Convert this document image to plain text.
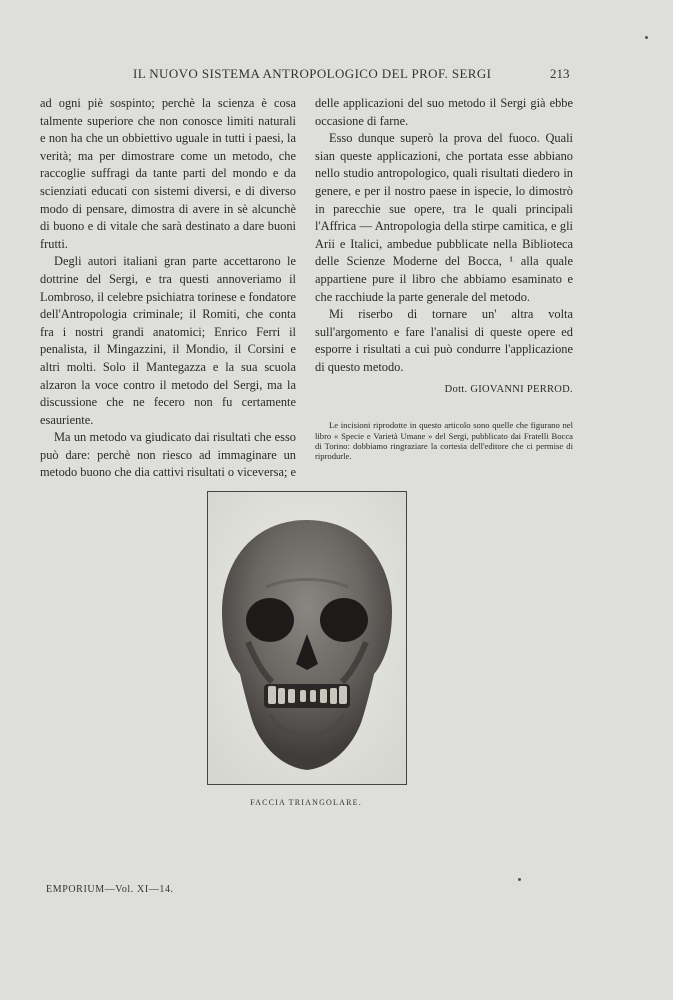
IL NUOVO SISTEMA ANTROPOLOGICO DEL PROF. SERGI	213

ad ogni piè sospinto; perchè la scienza è cosa talmente superiore che non conosce limiti naturali e non ha che un obbiettivo uguale in tutti i paesi, la verità; ma per dimostrare come un metodo, che raccoglie suffragi da tante parti del mondo e da scienziati educati con sistemi diversi, e di diverso modo di pensare, dimostra di avere in sè alcunchè di buono e di vitale che sarà destinato a dare buoni frutti.

Degli autori italiani gran parte accettarono le dottrine del Sergi, e tra questi annoveriamo il Lombroso, il celebre psichiatra torinese e fondatore dell'Antropologia criminale; il Romiti, che conta fra i nostri grandi anatomici; Enrico Ferri il penalista, il Mingazzini, il Mondio, il Corsini e altri molti. Solo il Mantegazza e la sua scuola alzaron la voce contro il metodo del Sergi, ma la discussione che ne fecero non fu certamente esauriente.

Ma un metodo va giudicato dai risultati che esso può dare: perchè non riesco ad immaginare un metodo buono che dia cattivi risultati o viceversa; e

delle applicazioni del suo metodo il Sergi già ebbe occasione di farne.

Esso dunque superò la prova del fuoco. Quali sian queste applicazioni, che portata esse abbiano nello studio antropologico, quali risultati diedero in genere, e per il nostro paese in ispecie, lo dimostrò in parecchie sue opere, tra le quali principali l'Affrica — Antropologia della stirpe camitica, e gli Arii e Italici, ambedue pubblicate nella Biblioteca delle Scienze Moderne del Bocca, ¹ alla quale appartiene pure il libro che abbiamo esaminato e che racchiude la parte generale del metodo.

Mi riserbo di tornare un' altra volta sull'argomento e fare l'analisi di queste opere ed esporre i risultati a cui può condurre l'applicazione di questo metodo.

Dott. GIOVANNI PERROD.
Le incisioni riprodotte in questo articolo sono quelle che figurano nel libro « Specie e Varietà Umane » del Sergi, pubblicato dai Fratelli Bocca di Torino: dobbiamo ringraziare la cortesia dell'editore che ci permise di riprodurle.
FACCIA TRIANGOLARE.
EMPORIUM—Vol. XI—14.
